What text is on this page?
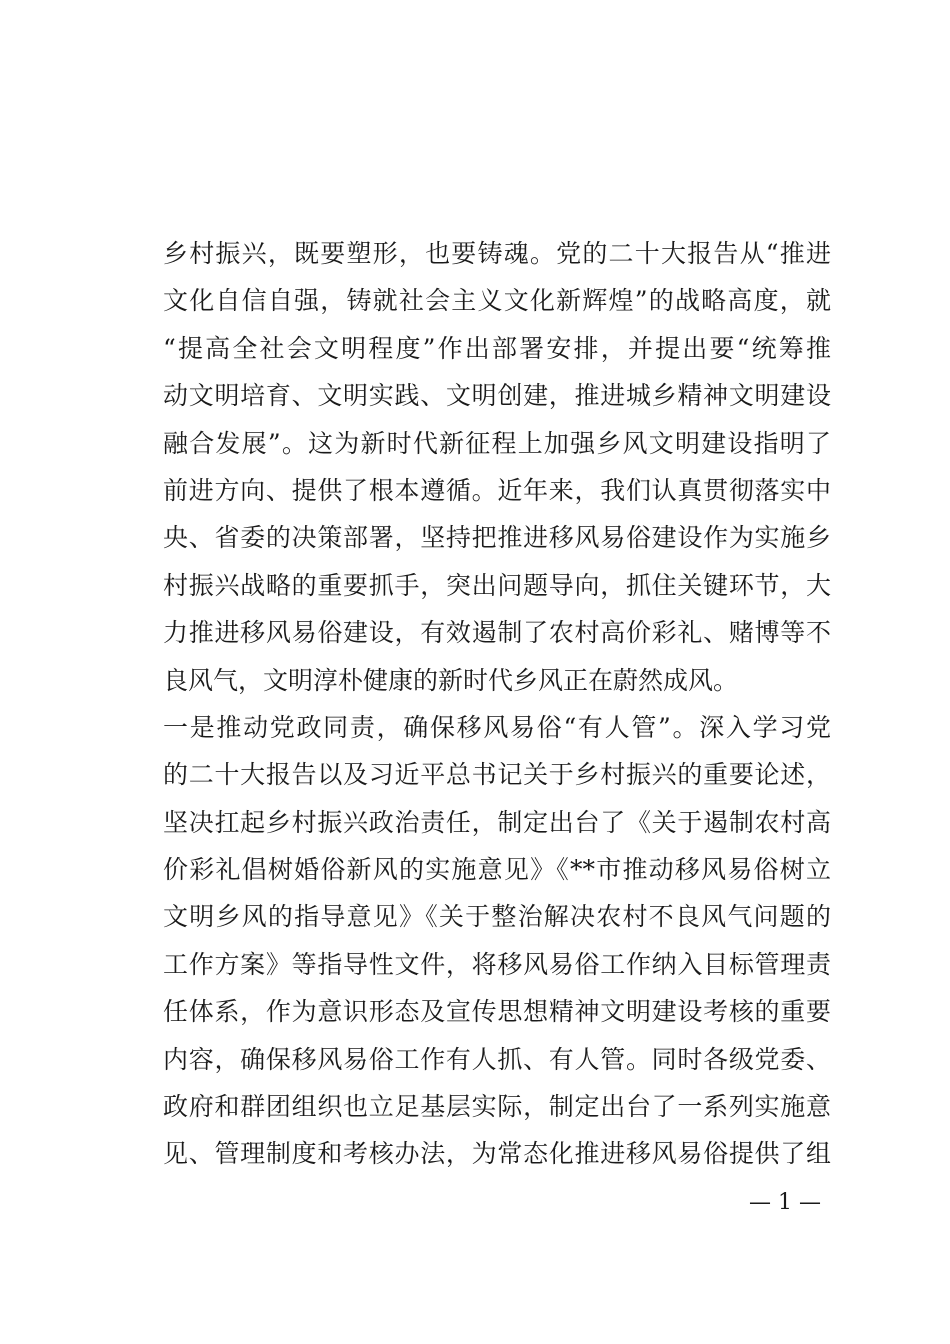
乡村振兴，既要塑形，也要铸魂。党的二十大报告从“推进
文化自信自强，铸就社会主义文化新辉煌”的战略高度，就
“提高全社会文明程度”作出部署安排，并提出要“统筹推
动文明培育、文明实践、文明创建，推进城乡精神文明建设
融合发展”。这为新时代新征程上加强乡风文明建设指明了
前进方向、提供了根本遵循。近年来，我们认真贯彻落实中
央、省委的决策部署，坚持把推进移风易俗建设作为实施乡
村振兴战略的重要抓手，突出问题导向，抓住关键环节，大
力推进移风易俗建设，有效遏制了农村高价彩礼、赌博等不
良风气，文明淳朴健康的新时代乡风正在蔚然成风。
一是推动党政同责，确保移风易俗“有人管”。深入学习党
的二十大报告以及习近平总书记关于乡村振兴的重要论述，
坚决扛起乡村振兴政治责任，制定出台了《关于遏制农村高
价彩礼倡树婚俗新风的实施意见》《**市推动移风易俗树立
文明乡风的指导意见》《关于整治解决农村不良风气问题的
工作方案》等指导性文件，将移风易俗工作纳入目标管理责
任体系，作为意识形态及宣传思想精神文明建设考核的重要
内容，确保移风易俗工作有人抓、有人管。同时各级党委、
政府和群团组织也立足基层实际，制定出台了一系列实施意
见、管理制度和考核办法，为常态化推进移风易俗提供了组
— 1 —
